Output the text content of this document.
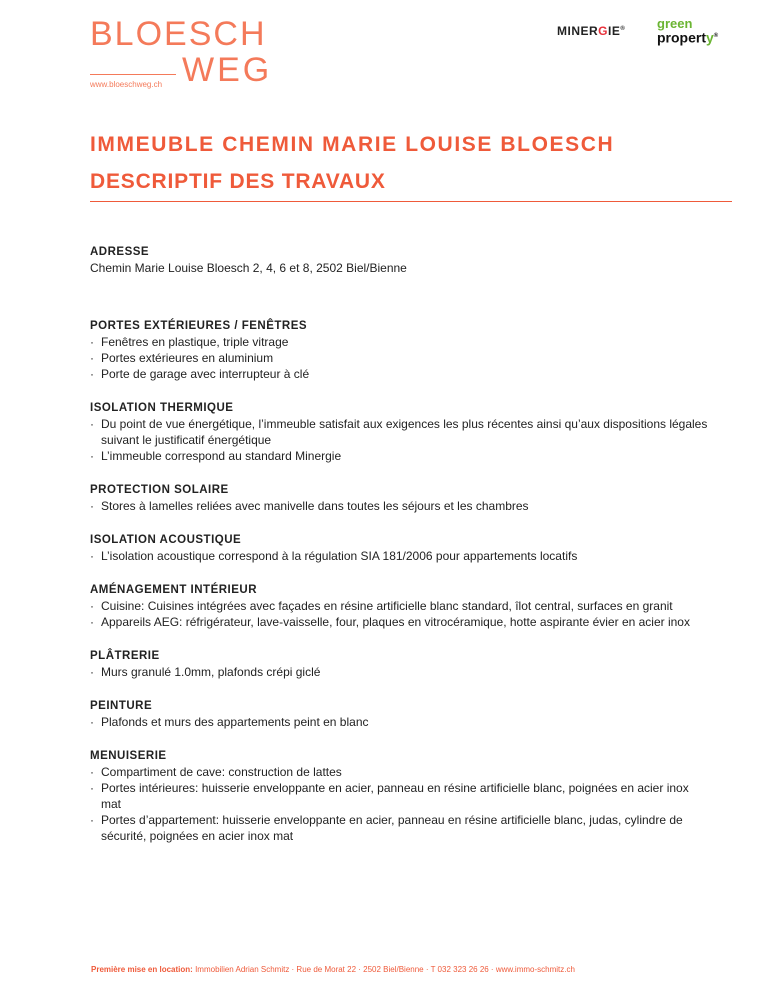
BLOESCH
www.bloeschweg.ch WEG
MINERGIE® green
property®
IMMEUBLE CHEMIN MARIE LOUISE BLOESCH
DESCRIPTIF DES TRAVAUX
ADRESSE

Chemin Marie Louise Bloesch 2, 4, 6 et 8, 2502 Biel/Bienne

PORTES EXTÉRIEURES / FENÊTRES
· Fenêtres en plastique, triple vitrage
· Portes extérieures en aluminium
· Porte de garage avec interrupteur à clé
ISOLATION THERMIQUE
· Du point de vue énergétique, l’immeuble satisfait aux exigences les plus récentes ainsi qu’aux dispositions légales suivant le justificatif énergétique
· L’immeuble correspond au standard Minergie
PROTECTION SOLAIRE
· Stores à lamelles reliées avec manivelle dans toutes les séjours et les chambres
ISOLATION ACOUSTIQUE
· L’isolation acoustique correspond à la régulation SIA 181/2006 pour appartements locatifs
AMÉNAGEMENT INTÉRIEUR
· Cuisine: Cuisines intégrées avec façades en résine artificielle blanc standard, îlot central, surfaces en granit
· Appareils AEG: réfrigérateur, lave-vaisselle, four, plaques en vitrocéramique, hotte aspirante évier en acier inox
PLÂTRERIE
· Murs granulé 1.0mm, plafonds crépi giclé
PEINTURE
· Plafonds et murs des appartements peint en blanc
MENUISERIE
· Compartiment de cave: construction de lattes
· Portes intérieures: huisserie enveloppante en acier, panneau en résine artificielle blanc, poignées en acier inox mat
· Portes d’appartement: huisserie enveloppante en acier, panneau en résine artificielle blanc, judas, cylindre de sécurité, poignées en acier inox mat
Première mise en location: Immobilien Adrian Schmitz · Rue de Morat 22 · 2502 Biel/Bienne · T 032 323 26 26 · www.immo-schmitz.ch
